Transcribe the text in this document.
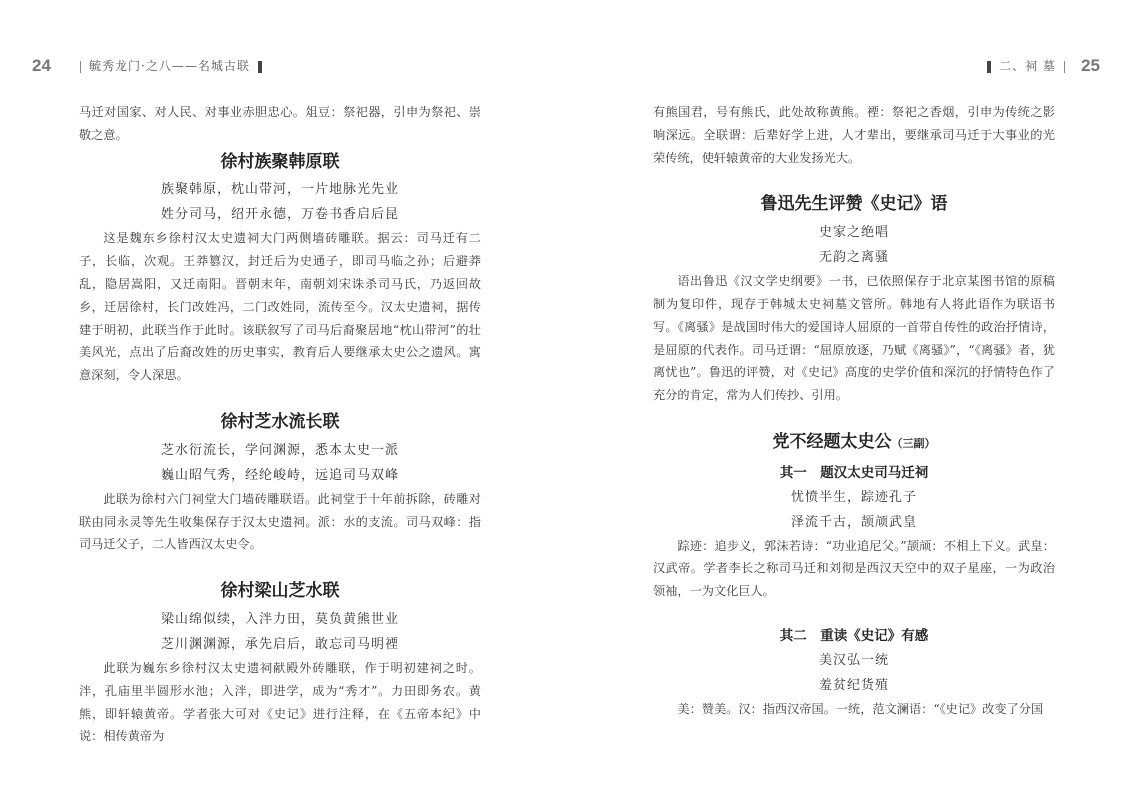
24	毓秀龙门·之八——名城古联

马迁对国家、对人民、对事业赤胆忠心。俎豆：祭祀器，引申为祭祀、崇敬之意。

徐村族聚韩原联
族聚韩原，枕山带河，一片地脉光先业
姓分司马，绍开永德，万卷书香启后昆

这是魏东乡徐村汉太史遗祠大门两侧墙砖雕联。据云：司马迁有二子，长临，次观。王莽篡汉，封迁后为史通子，即司马临之孙；后避莽乱，隐居嵩阳，又迁南阳。晋朝末年，南朝刘宋诛杀司马氏，乃返回故乡，迁居徐村，长门改姓冯，二门改姓同，流传至今。汉太史遗祠，据传建于明初，此联当作于此时。该联叙写了司马后裔聚居地“枕山带河”的壮美风光，点出了后裔改姓的历史事实，教育后人要继承太史公之遗风。寓意深刻，令人深思。

徐村芝水流长联
芝水衍流长，学问渊源，悉本太史一派
巍山昭气秀，经纶峻峙，远追司马双峰

此联为徐村六门祠堂大门墙砖雕联语。此祠堂于十年前拆除，砖雕对联由同永灵等先生收集保存于汉太史遗祠。派：水的支流。司马双峰：指司马迁父子，二人皆西汉太史令。

徐村梁山芝水联
梁山绵似续，入泮力田，莫负黄熊世业
芝川渊渊源，承先启后，敢忘司马明禋

此联为巍东乡徐村汉太史遗祠献殿外砖雕联，作于明初建祠之时。泮，孔庙里半圆形水池；入泮，即进学，成为“秀才”。力田即务农。黄熊，即轩辕黄帝。学者张大可对《史记》进行注释，在《五帝本纪》中说：相传黄帝为

二、祠 墓	25

有熊国君，号有熊氏，此处故称黄熊。禋：祭祀之香烟，引申为传统之影响深远。全联谓：后辈好学上进，人才辈出，要继承司马迁于大事业的光荣传统，使轩辕黄帝的大业发扬光大。

鲁迅先生评赞《史记》语
史家之绝唱
无韵之离骚

语出鲁迅《汉文学史纲要》一书，已依照保存于北京某图书馆的原稿制为复印件，现存于韩城太史祠墓文管所。韩地有人将此语作为联语书写。《离骚》是战国时伟大的爱国诗人屈原的一首带自传性的政治抒情诗，是屈原的代表作。司马迁谓：“屈原放逐，乃赋《离骚》”，“《离骚》者，犹离忧也”。鲁迅的评赞，对《史记》高度的史学价值和深沉的抒情特色作了充分的肯定，常为人们传抄、引用。

党不经题太史公（三副）
其一　题汉太史司马迁祠
忧愤半生，踪迹孔子
泽流千古，颉颃武皇

踪迹：追步义，郭沫若诗：“功业追尼父。”颉颃：不相上下义。武皇：汉武帝。学者李长之称司马迁和刘彻是西汉天空中的双子星座，一为政治领袖，一为文化巨人。

其二　重读《史记》有感
美汉弘一统
羞贫纪货殖

美：赞美。汉：指西汉帝国。一统，范文澜语：“《史记》改变了分国
